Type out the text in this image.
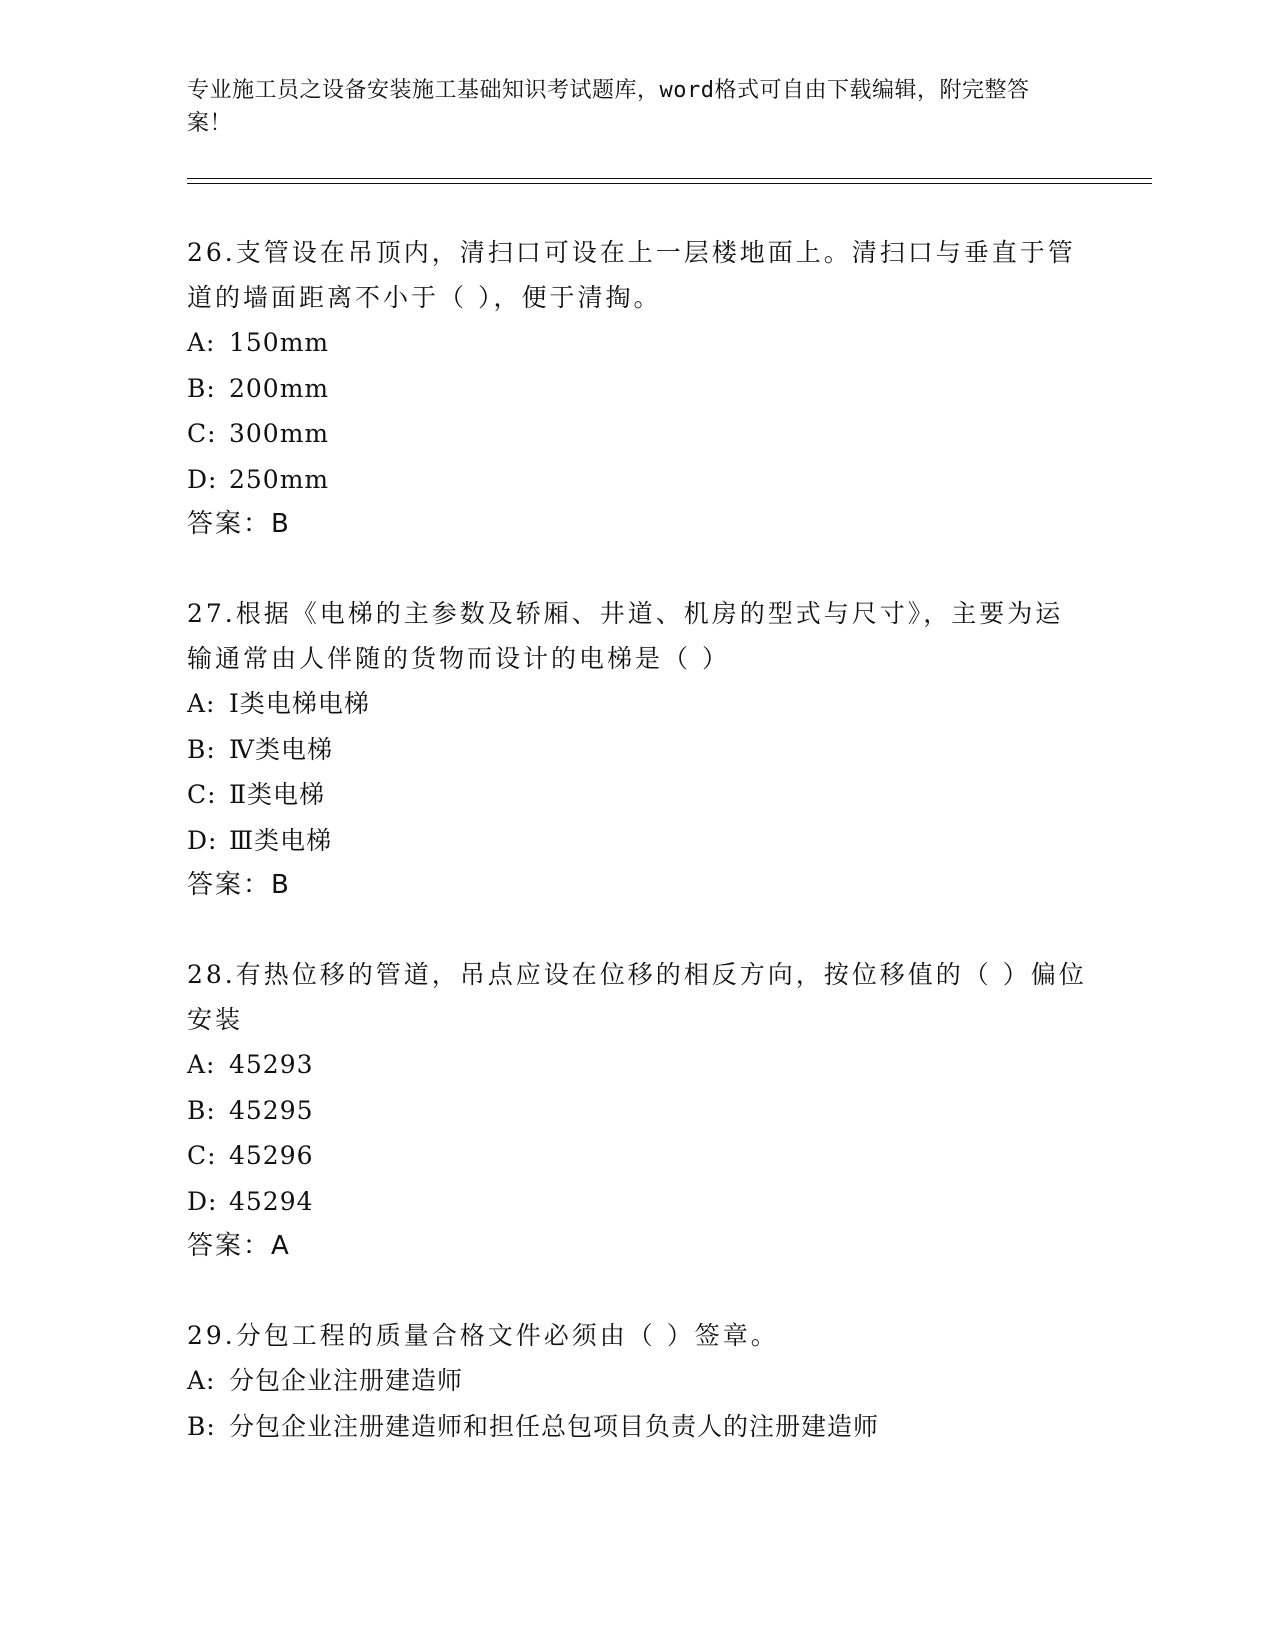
专业施工员之设备安装施工基础知识考试题库，word格式可自由下载编辑，附完整答案！

26.支管设在吊顶内，清扫口可设在上一层楼地面上。清扫口与垂直于管道的墙面距离不小于（ ），便于清掏。

A: 150mm

B: 200mm

C: 300mm

D: 250mm

答案：B

27.根据《电梯的主参数及轿厢、井道、机房的型式与尺寸》，主要为运输通常由人伴随的货物而设计的电梯是（ ）

A: Ⅰ类电梯电梯

B: Ⅳ类电梯

C: Ⅱ类电梯

D: Ⅲ类电梯

答案：B

28.有热位移的管道，吊点应设在位移的相反方向，按位移值的（ ）偏位安装

A: 45293

B: 45295

C: 45296

D: 45294

答案：A

29.分包工程的质量合格文件必须由（ ）签章。

A: 分包企业注册建造师

B: 分包企业注册建造师和担任总包项目负责人的注册建造师
